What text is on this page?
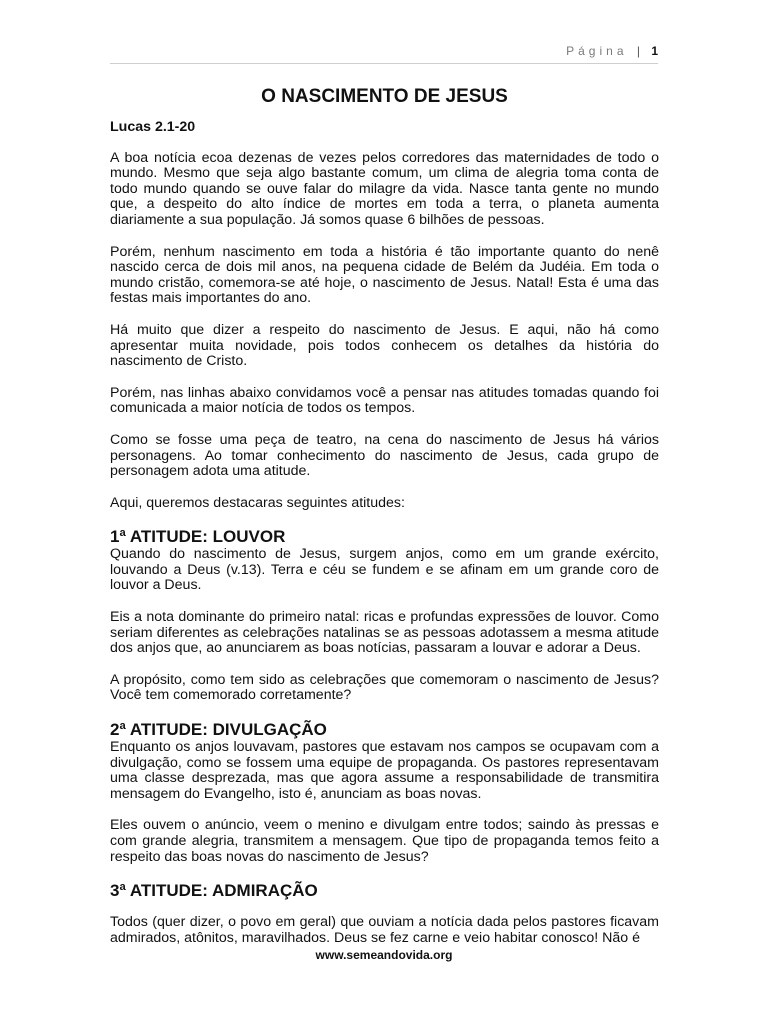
Página | 1
O NASCIMENTO DE JESUS
Lucas 2.1-20

A boa notícia ecoa dezenas de vezes pelos corredores das maternidades de todo o mundo. Mesmo que seja algo bastante comum, um clima de alegria toma conta de todo mundo quando se ouve falar do milagre da vida. Nasce tanta gente no mundo que, a despeito do alto índice de mortes em toda a terra, o planeta aumenta diariamente a sua população. Já somos quase 6 bilhões de pessoas.

Porém, nenhum nascimento em toda a história é tão importante quanto do nenê nascido cerca de dois mil anos, na pequena cidade de Belém da Judéia. Em toda o mundo cristão, comemora-se até hoje, o nascimento de Jesus. Natal! Esta é uma das festas mais importantes do ano.

Há muito que dizer a respeito do nascimento de Jesus. E aqui, não há como apresentar muita novidade, pois todos conhecem os detalhes da história do nascimento de Cristo.

Porém, nas linhas abaixo convidamos você a pensar nas atitudes tomadas quando foi comunicada a maior notícia de todos os tempos.

Como se fosse uma peça de teatro, na cena do nascimento de Jesus há vários personagens. Ao tomar conhecimento do nascimento de Jesus, cada grupo de personagem adota uma atitude.

Aqui, queremos destacaras seguintes atitudes:

1ª ATITUDE: LOUVOR

Quando do nascimento de Jesus, surgem anjos, como em um grande exército, louvando a Deus (v.13). Terra e céu se fundem e se afinam em um grande coro de louvor a Deus.

Eis a nota dominante do primeiro natal: ricas e profundas expressões de louvor. Como seriam diferentes as celebrações natalinas se as pessoas adotassem a mesma atitude dos anjos que, ao anunciarem as boas notícias, passaram a louvar e adorar a Deus.

A propósito, como tem sido as celebrações que comemoram o nascimento de Jesus? Você tem comemorado corretamente?

2ª ATITUDE: DIVULGAÇÃO

Enquanto os anjos louvavam, pastores que estavam nos campos se ocupavam com a divulgação, como se fossem uma equipe de propaganda. Os pastores representavam uma classe desprezada, mas que agora assume a responsabilidade de transmitira mensagem do Evangelho, isto é, anunciam as boas novas.

Eles ouvem o anúncio, veem o menino e divulgam entre todos; saindo às pressas e com grande alegria, transmitem a mensagem. Que tipo de propaganda temos feito a respeito das boas novas do nascimento de Jesus?

3ª ATITUDE: ADMIRAÇÃO

Todos (quer dizer, o povo em geral) que ouviam a notícia dada pelos pastores ficavam admirados, atônitos, maravilhados. Deus se fez carne e veio habitar conosco! Não é

www.semeandovida.org
